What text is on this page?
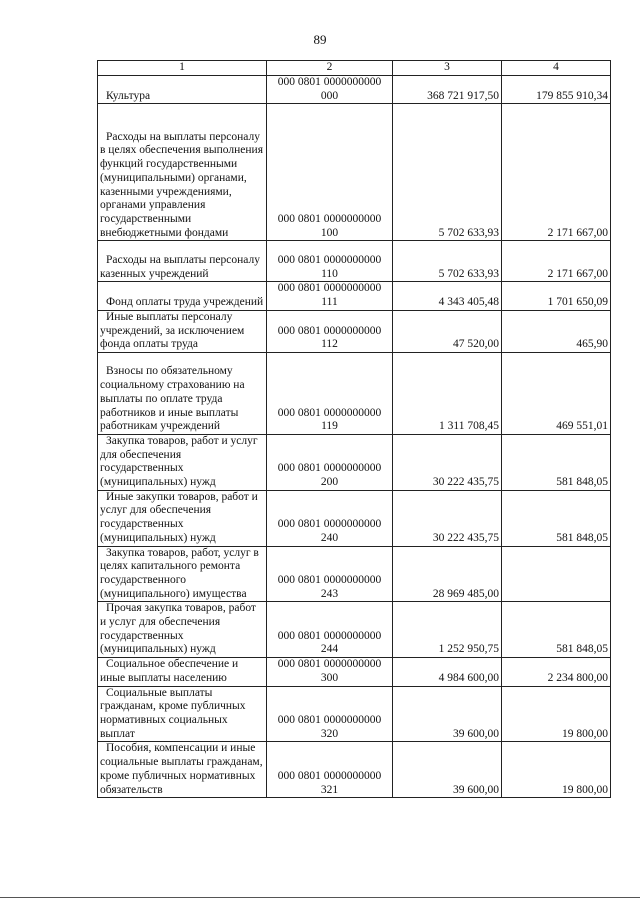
89
1	2	3	4
Культура	000 0801 0000000000 000	368 721 917,50	179 855 910,34
Расходы на выплаты персоналу в целях обеспечения выполнения функций государственными (муниципальными) органами, казенными учреждениями, органами управления государственными внебюджетными фондами	000 0801 0000000000 100	5 702 633,93	2 171 667,00
Расходы на выплаты персоналу казенных учреждений	000 0801 0000000000 110	5 702 633,93	2 171 667,00
Фонд оплаты труда учреждений	000 0801 0000000000 111	4 343 405,48	1 701 650,09
Иные выплаты персоналу учреждений, за исключением фонда оплаты труда	000 0801 0000000000 112	47 520,00	465,90
Взносы по обязательному социальному страхованию на выплаты по оплате труда работников и иные выплаты работникам учреждений	000 0801 0000000000 119	1 311 708,45	469 551,01
Закупка товаров, работ и услуг для обеспечения государственных (муниципальных) нужд	000 0801 0000000000 200	30 222 435,75	581 848,05
Иные закупки товаров, работ и услуг для обеспечения государственных (муниципальных) нужд	000 0801 0000000000 240	30 222 435,75	581 848,05
Закупка товаров, работ, услуг в целях капитального ремонта государственного (муниципального) имущества	000 0801 0000000000 243	28 969 485,00	
Прочая закупка товаров, работ и услуг для обеспечения государственных (муниципальных) нужд	000 0801 0000000000 244	1 252 950,75	581 848,05
Социальное обеспечение и иные выплаты населению	000 0801 0000000000 300	4 984 600,00	2 234 800,00
Социальные выплаты гражданам, кроме публичных нормативных социальных выплат	000 0801 0000000000 320	39 600,00	19 800,00
Пособия, компенсации и иные социальные выплаты гражданам, кроме публичных нормативных обязательств	000 0801 0000000000 321	39 600,00	19 800,00
